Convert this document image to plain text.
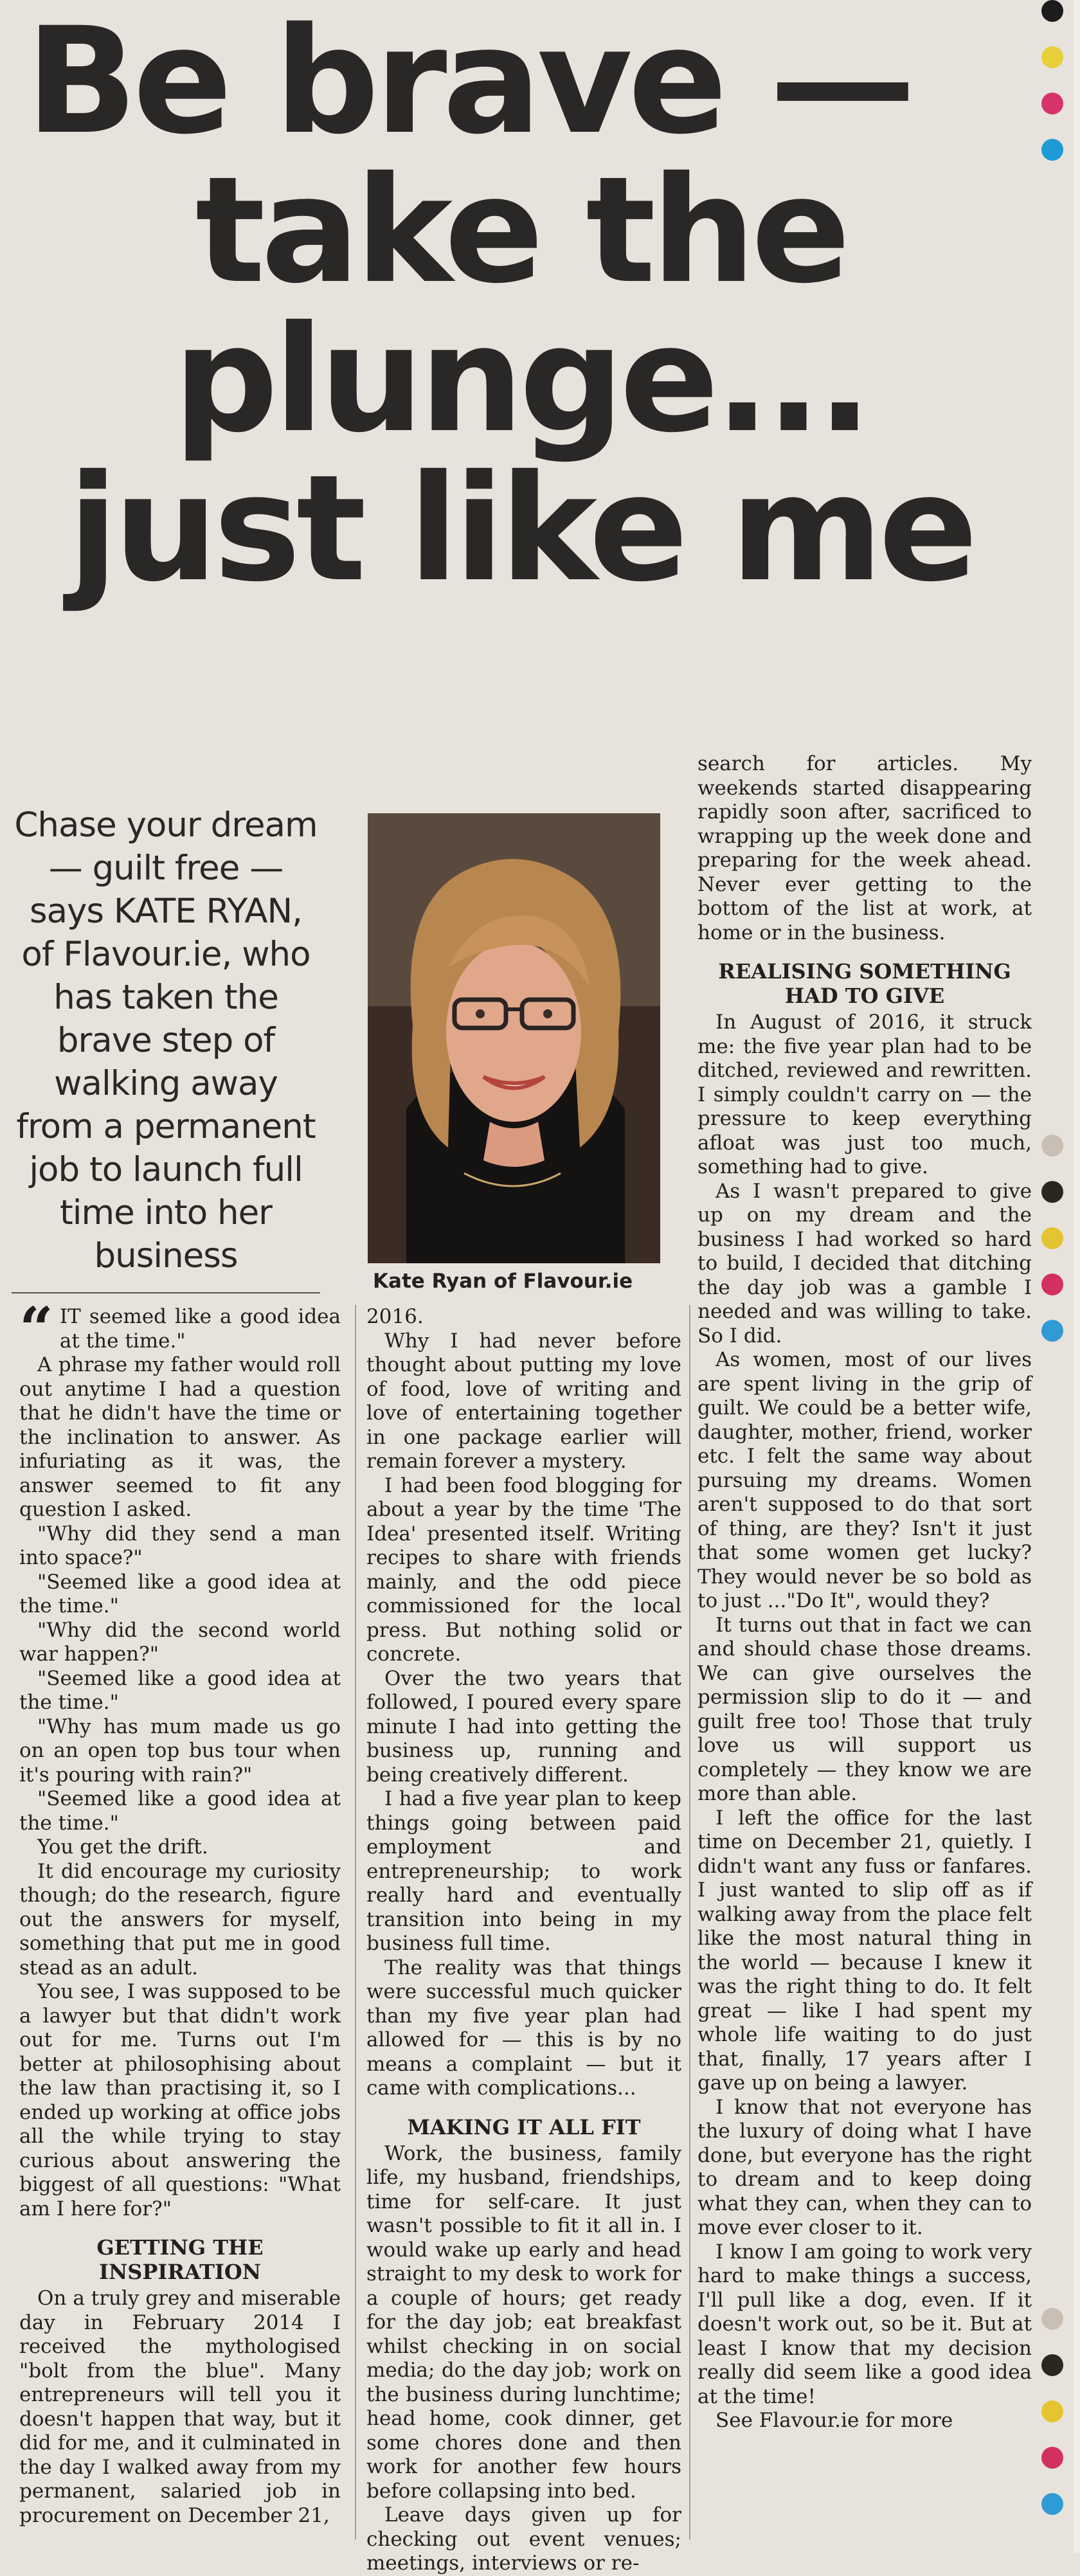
Be brave —
take the
plunge...
just like me
Chase your dream — guilt free — says KATE RYAN, of Flavour.ie, who has taken the brave step of walking away from a permanent job to launch full time into her business
Kate Ryan of Flavour.ie
“ IT seemed like a good idea at the time."

A phrase my father would roll out anytime I had a question that he didn't have the time or the inclination to answer. As infuriating as it was, the answer seemed to fit any question I asked.

"Why did they send a man into space?"

"Seemed like a good idea at the time."

"Why did the second world war happen?"

"Seemed like a good idea at the time."

"Why has mum made us go on an open top bus tour when it's pouring with rain?"

"Seemed like a good idea at the time."

You get the drift.

It did encourage my curiosity though; do the research, figure out the answers for myself, something that put me in good stead as an adult.

You see, I was supposed to be a lawyer but that didn't work out for me. Turns out I'm better at philosophising about the law than practising it, so I ended up working at office jobs all the while trying to stay curious about answering the biggest of all questions: "What am I here for?"

GETTING THE INSPIRATION

On a truly grey and miserable day in February 2014 I received the mythologised "bolt from the blue". Many entrepreneurs will tell you it doesn't happen that way, but it did for me, and it culminated in the day I walked away from my permanent, salaried job in procurement on December 21,

2016.

Why I had never before thought about putting my love of food, love of writing and love of entertaining together in one package earlier will remain forever a mystery.

I had been food blogging for about a year by the time 'The Idea' presented itself. Writing recipes to share with friends mainly, and the odd piece commissioned for the local press. But nothing solid or concrete.

Over the two years that followed, I poured every spare minute I had into getting the business up, running and being creatively different.

I had a five year plan to keep things going between paid employment and entrepreneurship; to work really hard and eventually transition into being in my business full time.

The reality was that things were successful much quicker than my five year plan had allowed for — this is by no means a complaint — but it came with complications...

MAKING IT ALL FIT

Work, the business, family life, my husband, friendships, time for self-care. It just wasn't possible to fit it all in. I would wake up early and head straight to my desk to work for a couple of hours; get ready for the day job; eat breakfast whilst checking in on social media; do the day job; work on the business during lunchtime; head home, cook dinner, get some chores done and then work for another few hours before collapsing into bed.

Leave days given up for checking out event venues; meetings, interviews or re-

search for articles. My weekends started disappearing rapidly soon after, sacrificed to wrapping up the week done and preparing for the week ahead. Never ever getting to the bottom of the list at work, at home or in the business.

REALISING SOMETHING HAD TO GIVE

In August of 2016, it struck me: the five year plan had to be ditched, reviewed and rewritten. I simply couldn't carry on — the pressure to keep everything afloat was just too much, something had to give.

As I wasn't prepared to give up on my dream and the business I had worked so hard to build, I decided that ditching the day job was a gamble I needed and was willing to take. So I did.

As women, most of our lives are spent living in the grip of guilt. We could be a better wife, daughter, mother, friend, worker etc. I felt the same way about pursuing my dreams. Women aren't supposed to do that sort of thing, are they? Isn't it just that some women get lucky? They would never be so bold as to just ..."Do It", would they?

It turns out that in fact we can and should chase those dreams. We can give ourselves the permission slip to do it — and guilt free too! Those that truly love us will support us completely — they know we are more than able.

I left the office for the last time on December 21, quietly. I didn't want any fuss or fanfares. I just wanted to slip off as if walking away from the place felt like the most natural thing in the world — because I knew it was the right thing to do. It felt great — like I had spent my whole life waiting to do just that, finally, 17 years after I gave up on being a lawyer.

I know that not everyone has the luxury of doing what I have done, but everyone has the right to dream and to keep doing what they can, when they can to move ever closer to it.

I know I am going to work very hard to make things a success, I'll pull like a dog, even. If it doesn't work out, so be it. But at least I know that my decision really did seem like a good idea at the time!

See Flavour.ie for more
